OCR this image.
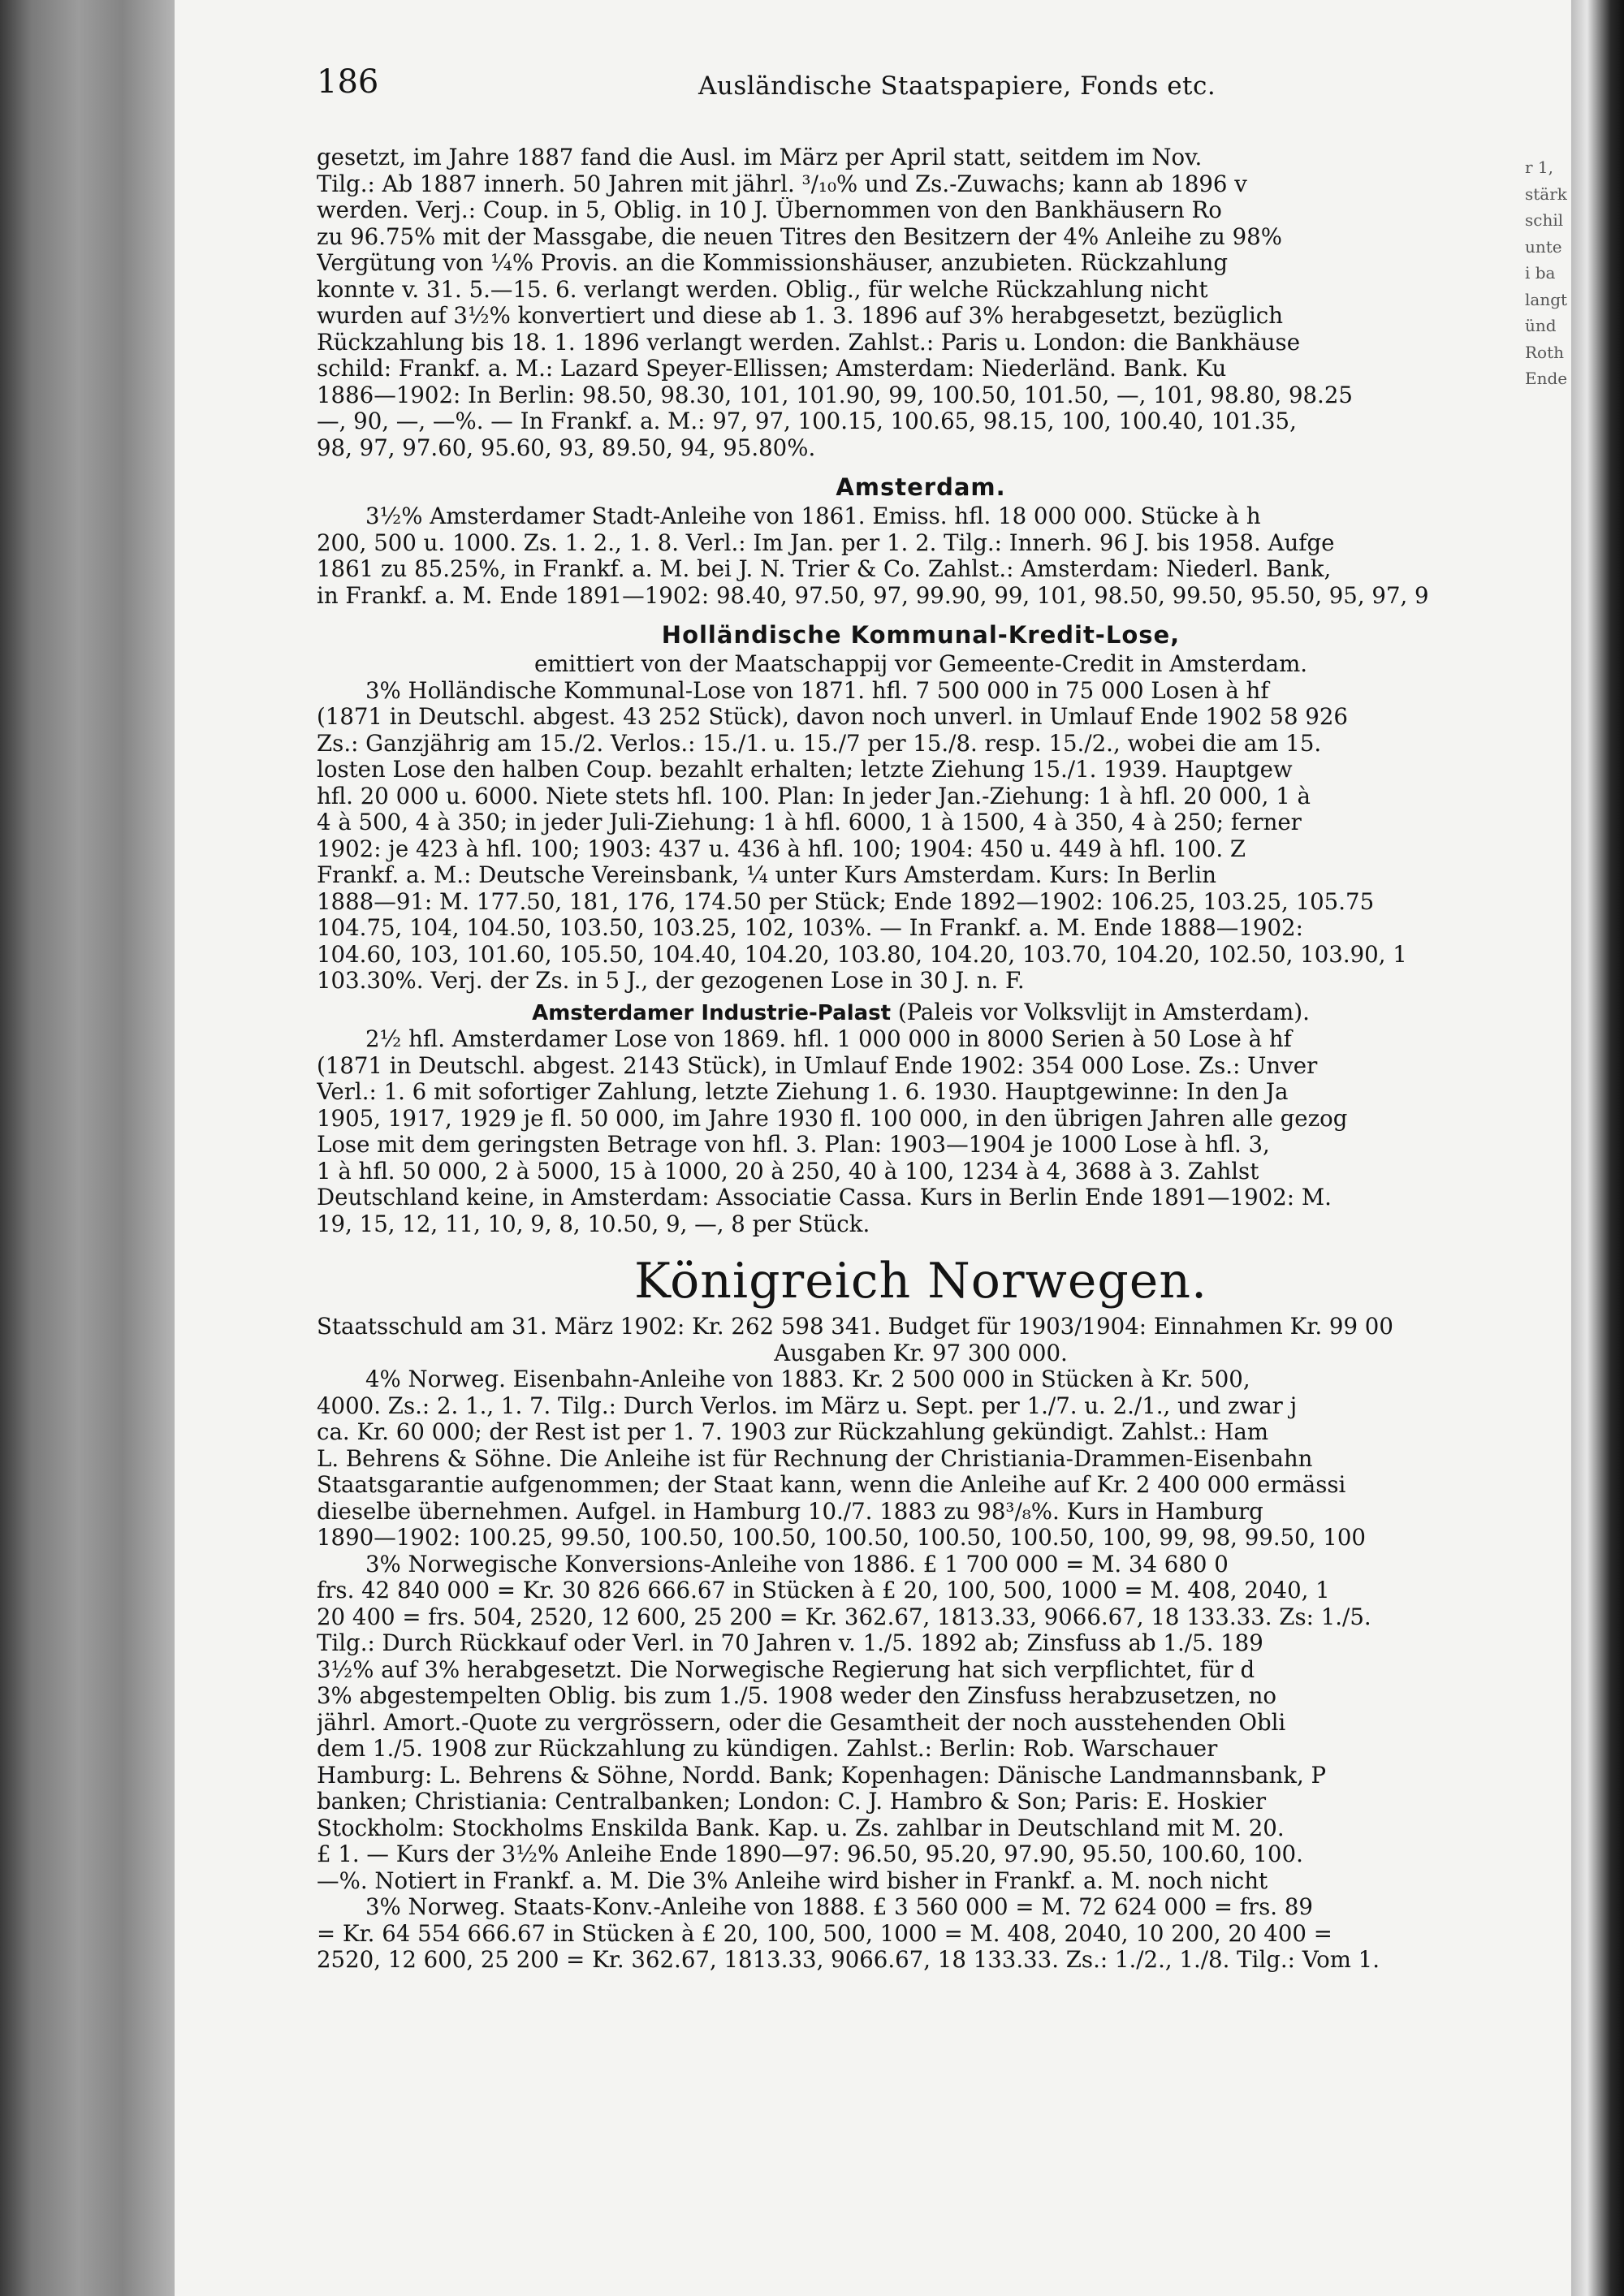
186	Ausländische Staatspapiere, Fonds etc.
gesetzt, im Jahre 1887 fand die Ausl. im März per April statt, seitdem im Nov.
Tilg.: Ab 1887 innerh. 50 Jahren mit jährl. ³/₁₀% und Zs.-Zuwachs; kann ab 1896 v
werden. Verj.: Coup. in 5, Oblig. in 10 J. Übernommen von den Bankhäusern Ro
zu 96.75% mit der Massgabe, die neuen Titres den Besitzern der 4% Anleihe zu 98%
Vergütung von ¼% Provis. an die Kommissionshäuser, anzubieten. Rückzahlung
konnte v. 31. 5.—15. 6. verlangt werden. Oblig., für welche Rückzahlung nicht
wurden auf 3½% konvertiert und diese ab 1. 3. 1896 auf 3% herabgesetzt, bezüglich
Rückzahlung bis 18. 1. 1896 verlangt werden. Zahlst.: Paris u. London: die Bankhäuse
schild: Frankf. a. M.: Lazard Speyer-Ellissen; Amsterdam: Niederländ. Bank. Ku
1886—1902: In Berlin: 98.50, 98.30, 101, 101.90, 99, 100.50, 101.50, —, 101, 98.80, 98.25
—, 90, —, —%. — In Frankf. a. M.: 97, 97, 100.15, 100.65, 98.15, 100, 100.40, 101.35,
98, 97, 97.60, 95.60, 93, 89.50, 94, 95.80%.
Amsterdam.
3½% Amsterdamer Stadt-Anleihe von 1861. Emiss. hfl. 18 000 000. Stücke à h
200, 500 u. 1000. Zs. 1. 2., 1. 8. Verl.: Im Jan. per 1. 2. Tilg.: Innerh. 96 J. bis 1958. Aufge
1861 zu 85.25%, in Frankf. a. M. bei J. N. Trier & Co. Zahlst.: Amsterdam: Niederl. Bank,
in Frankf. a. M. Ende 1891—1902: 98.40, 97.50, 97, 99.90, 99, 101, 98.50, 99.50, 95.50, 95, 97, 9
Holländische Kommunal-Kredit-Lose,
emittiert von der Maatschappij vor Gemeente-Credit in Amsterdam.
3% Holländische Kommunal-Lose von 1871. hfl. 7 500 000 in 75 000 Losen à hf
(1871 in Deutschl. abgest. 43 252 Stück), davon noch unverl. in Umlauf Ende 1902 58 926
Zs.: Ganzjährig am 15./2. Verlos.: 15./1. u. 15./7 per 15./8. resp. 15./2., wobei die am 15.
losten Lose den halben Coup. bezahlt erhalten; letzte Ziehung 15./1. 1939. Hauptgew
hfl. 20 000 u. 6000. Niete stets hfl. 100. Plan: In jeder Jan.-Ziehung: 1 à hfl. 20 000, 1 à
4 à 500, 4 à 350; in jeder Juli-Ziehung: 1 à hfl. 6000, 1 à 1500, 4 à 350, 4 à 250; ferner
1902: je 423 à hfl. 100; 1903: 437 u. 436 à hfl. 100; 1904: 450 u. 449 à hfl. 100. Z
Frankf. a. M.: Deutsche Vereinsbank, ¼ unter Kurs Amsterdam. Kurs: In Berlin
1888—91: M. 177.50, 181, 176, 174.50 per Stück; Ende 1892—1902: 106.25, 103.25, 105.75
104.75, 104, 104.50, 103.50, 103.25, 102, 103%. — In Frankf. a. M. Ende 1888—1902:
104.60, 103, 101.60, 105.50, 104.40, 104.20, 103.80, 104.20, 103.70, 104.20, 102.50, 103.90, 1
103.30%. Verj. der Zs. in 5 J., der gezogenen Lose in 30 J. n. F.
Amsterdamer Industrie-Palast (Paleis vor Volksvlijt in Amsterdam).
2½ hfl. Amsterdamer Lose von 1869. hfl. 1 000 000 in 8000 Serien à 50 Lose à hf
(1871 in Deutschl. abgest. 2143 Stück), in Umlauf Ende 1902: 354 000 Lose. Zs.: Unver
Verl.: 1. 6 mit sofortiger Zahlung, letzte Ziehung 1. 6. 1930. Hauptgewinne: In den Ja
1905, 1917, 1929 je fl. 50 000, im Jahre 1930 fl. 100 000, in den übrigen Jahren alle gezog
Lose mit dem geringsten Betrage von hfl. 3. Plan: 1903—1904 je 1000 Lose à hfl. 3,
1 à hfl. 50 000, 2 à 5000, 15 à 1000, 20 à 250, 40 à 100, 1234 à 4, 3688 à 3. Zahlst
Deutschland keine, in Amsterdam: Associatie Cassa. Kurs in Berlin Ende 1891—1902: M.
19, 15, 12, 11, 10, 9, 8, 10.50, 9, —, 8 per Stück.
Königreich Norwegen.
Staatsschuld am 31. März 1902: Kr. 262 598 341. Budget für 1903/1904: Einnahmen Kr. 99 00
Ausgaben Kr. 97 300 000.
4% Norweg. Eisenbahn-Anleihe von 1883. Kr. 2 500 000 in Stücken à Kr. 500,
4000. Zs.: 2. 1., 1. 7. Tilg.: Durch Verlos. im März u. Sept. per 1./7. u. 2./1., und zwar j
ca. Kr. 60 000; der Rest ist per 1. 7. 1903 zur Rückzahlung gekündigt. Zahlst.: Ham
L. Behrens & Söhne. Die Anleihe ist für Rechnung der Christiania-Drammen-Eisenbahn
Staatsgarantie aufgenommen; der Staat kann, wenn die Anleihe auf Kr. 2 400 000 ermässi
dieselbe übernehmen. Aufgel. in Hamburg 10./7. 1883 zu 98³/₈%. Kurs in Hamburg
1890—1902: 100.25, 99.50, 100.50, 100.50, 100.50, 100.50, 100.50, 100, 99, 98, 99.50, 100
3% Norwegische Konversions-Anleihe von 1886. £ 1 700 000 = M. 34 680 0
frs. 42 840 000 = Kr. 30 826 666.67 in Stücken à £ 20, 100, 500, 1000 = M. 408, 2040, 1
20 400 = frs. 504, 2520, 12 600, 25 200 = Kr. 362.67, 1813.33, 9066.67, 18 133.33. Zs: 1./5.
Tilg.: Durch Rückkauf oder Verl. in 70 Jahren v. 1./5. 1892 ab; Zinsfuss ab 1./5. 189
3½% auf 3% herabgesetzt. Die Norwegische Regierung hat sich verpflichtet, für d
3% abgestempelten Oblig. bis zum 1./5. 1908 weder den Zinsfuss herabzusetzen, no
jährl. Amort.-Quote zu vergrössern, oder die Gesamtheit der noch ausstehenden Obli
dem 1./5. 1908 zur Rückzahlung zu kündigen. Zahlst.: Berlin: Rob. Warschauer
Hamburg: L. Behrens & Söhne, Nordd. Bank; Kopenhagen: Dänische Landmannsbank, P
banken; Christiania: Centralbanken; London: C. J. Hambro & Son; Paris: E. Hoskier
Stockholm: Stockholms Enskilda Bank. Kap. u. Zs. zahlbar in Deutschland mit M. 20.
£ 1. — Kurs der 3½% Anleihe Ende 1890—97: 96.50, 95.20, 97.90, 95.50, 100.60, 100.
—%. Notiert in Frankf. a. M. Die 3% Anleihe wird bisher in Frankf. a. M. noch nicht
3% Norweg. Staats-Konv.-Anleihe von 1888. £ 3 560 000 = M. 72 624 000 = frs. 89
= Kr. 64 554 666.67 in Stücken à £ 20, 100, 500, 1000 = M. 408, 2040, 10 200, 20 400 =
2520, 12 600, 25 200 = Kr. 362.67, 1813.33, 9066.67, 18 133.33. Zs.: 1./2., 1./8. Tilg.: Vom 1.
r 1,
stärk
schil
unte
i ba
langt
ünd
Roth
Ende
